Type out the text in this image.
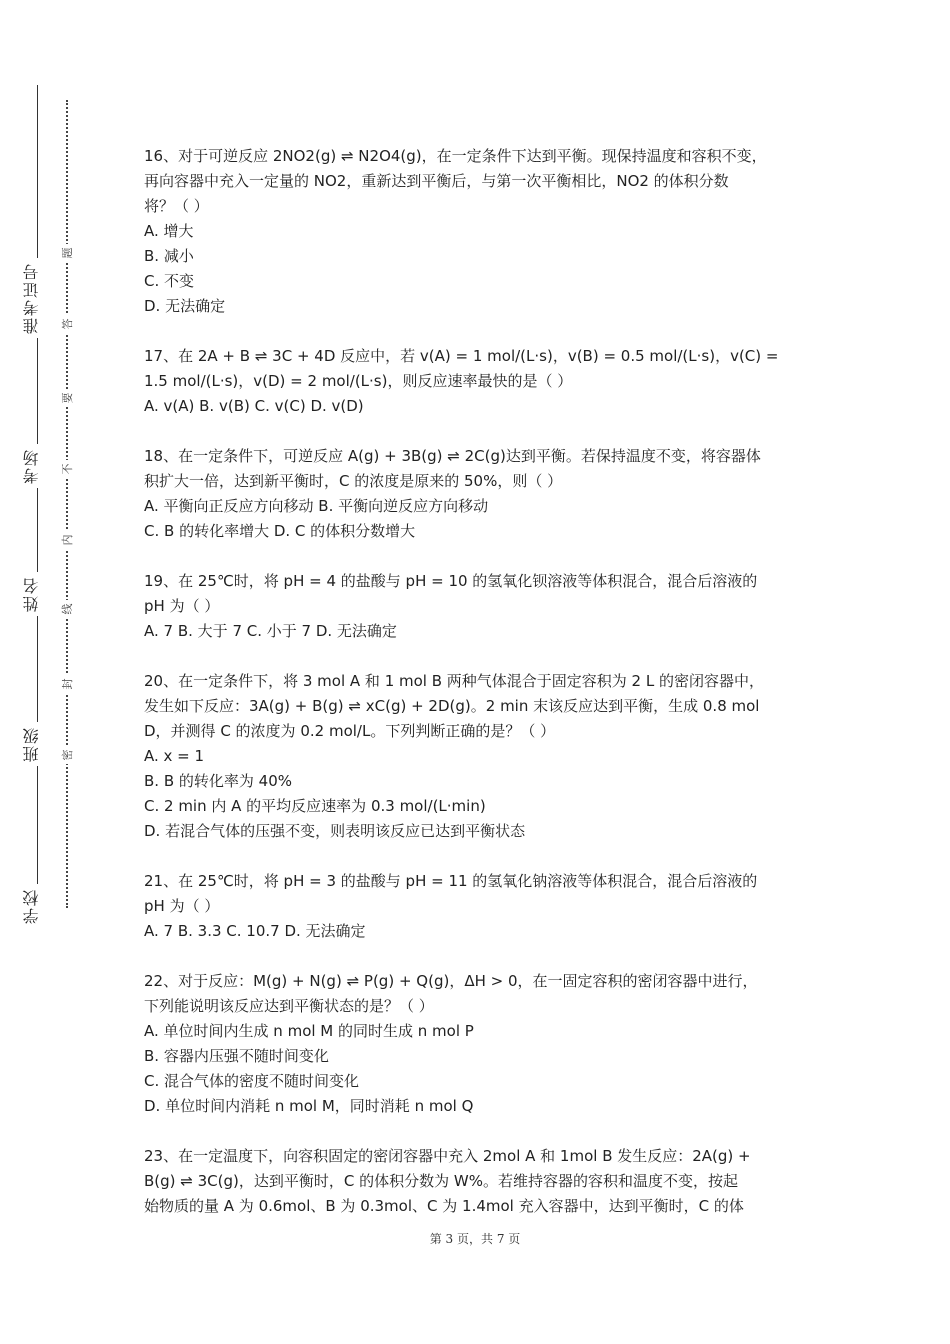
准考证号
考场
姓名
班级
学校
题
答
要
不
内
线
封
密

16、对于可逆反应 2NO2(g) ⇌ N2O4(g)，在一定条件下达到平衡。现保持温度和容积不变，

再向容器中充入一定量的 NO2，重新达到平衡后，与第一次平衡相比，NO2 的体积分数

将？（ ）

A. 增大

B. 减小

C. 不变

D. 无法确定

17、在 2A + B ⇌ 3C + 4D 反应中，若 v(A) = 1 mol/(L·s)，v(B) = 0.5 mol/(L·s)，v(C) =

1.5 mol/(L·s)，v(D) = 2 mol/(L·s)，则反应速率最快的是（ ）

A. v(A) B. v(B) C. v(C) D. v(D)

18、在一定条件下，可逆反应 A(g) + 3B(g) ⇌ 2C(g)达到平衡。若保持温度不变，将容器体

积扩大一倍，达到新平衡时，C 的浓度是原来的 50%，则（ ）

A. 平衡向正反应方向移动 B. 平衡向逆反应方向移动

C. B 的转化率增大 D. C 的体积分数增大

19、在 25℃时，将 pH = 4 的盐酸与 pH = 10 的氢氧化钡溶液等体积混合，混合后溶液的

pH 为（ ）

A. 7 B. 大于 7 C. 小于 7 D. 无法确定

20、在一定条件下，将 3 mol A 和 1 mol B 两种气体混合于固定容积为 2 L 的密闭容器中，

发生如下反应：3A(g) + B(g) ⇌ xC(g) + 2D(g)。2 min 末该反应达到平衡，生成 0.8 mol

D，并测得 C 的浓度为 0.2 mol/L。下列判断正确的是？（ ）

A. x = 1

B. B 的转化率为 40%

C. 2 min 内 A 的平均反应速率为 0.3 mol/(L·min)

D. 若混合气体的压强不变，则表明该反应已达到平衡状态

21、在 25℃时，将 pH = 3 的盐酸与 pH = 11 的氢氧化钠溶液等体积混合，混合后溶液的

pH 为（ ）

A. 7 B. 3.3 C. 10.7 D. 无法确定

22、对于反应：M(g) + N(g) ⇌ P(g) + Q(g)，ΔH > 0，在一固定容积的密闭容器中进行，

下列能说明该反应达到平衡状态的是？（ ）

A. 单位时间内生成 n mol M 的同时生成 n mol P

B. 容器内压强不随时间变化

C. 混合气体的密度不随时间变化

D. 单位时间内消耗 n mol M，同时消耗 n mol Q

23、在一定温度下，向容积固定的密闭容器中充入 2mol A 和 1mol B 发生反应：2A(g) +

B(g) ⇌ 3C(g)，达到平衡时，C 的体积分数为 W%。若维持容器的容积和温度不变，按起

始物质的量 A 为 0.6mol、B 为 0.3mol、C 为 1.4mol 充入容器中，达到平衡时，C 的体

第 3 页，共 7 页
